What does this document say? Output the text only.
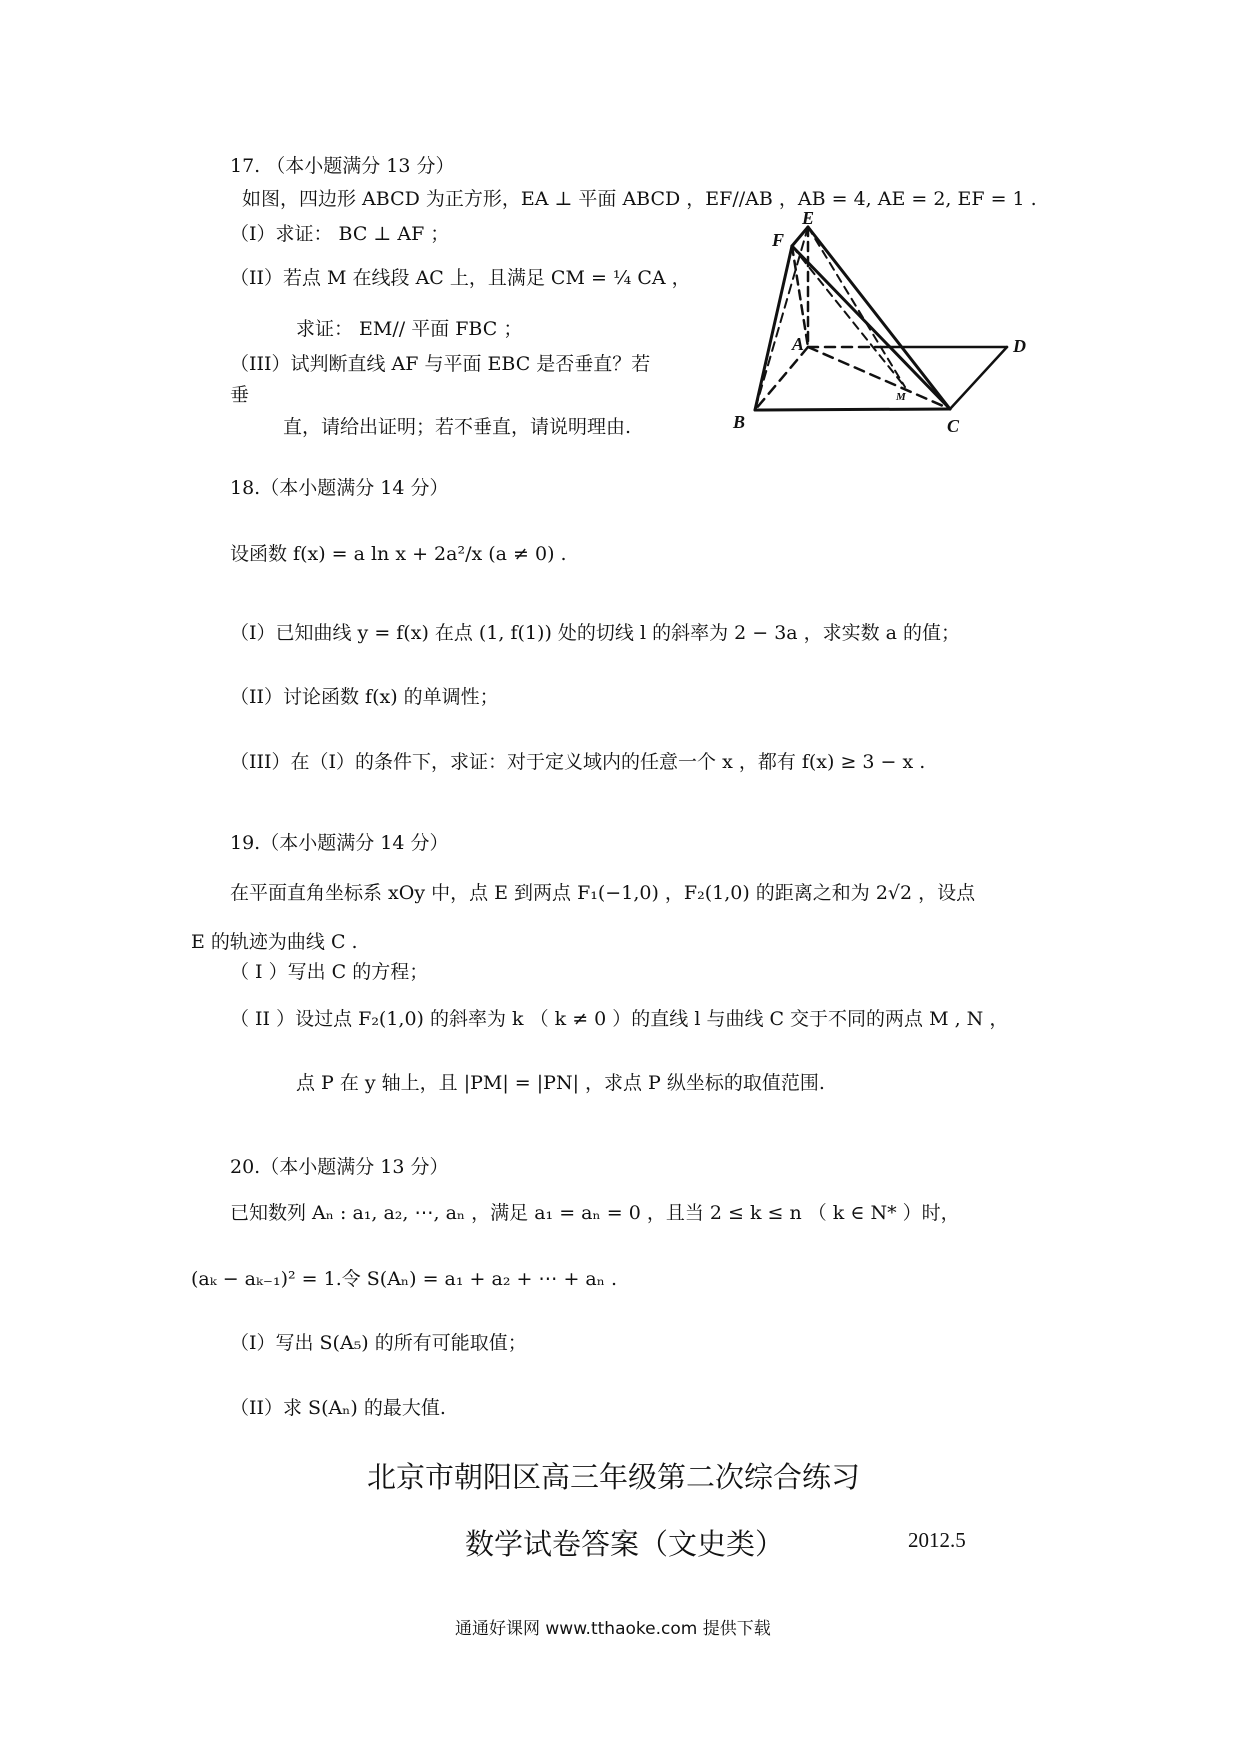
17. （本小题满分 13 分）
如图，四边形 ABCD 为正方形，EA ⊥ 平面 ABCD ，EF//AB ，AB = 4, AE = 2, EF = 1 .
（I）求证： BC ⊥ AF ；
（II）若点 M 在线段 AC 上，且满足 CM = ¼ CA ，
求证： EM// 平面 FBC ；
（III）试判断直线 AF 与平面 EBC 是否垂直？若
垂
直，请给出证明；若不垂直，请说明理由.
E
F
A	D
M
B	C
18.（本小题满分 14 分）
设函数 f(x) = a ln x + 2a²/x (a ≠ 0) .
（I）已知曲线 y = f(x) 在点 (1, f(1)) 处的切线 l 的斜率为 2 − 3a ，求实数 a 的值；
（II）讨论函数 f(x) 的单调性；
（III）在（I）的条件下，求证：对于定义域内的任意一个 x ，都有 f(x) ≥ 3 − x .
19.（本小题满分 14 分）
在平面直角坐标系 xOy 中，点 E 到两点 F₁(−1,0) ，F₂(1,0) 的距离之和为 2√2 ，设点
E 的轨迹为曲线 C .
（ I ）写出 C 的方程；
（ II ）设过点 F₂(1,0) 的斜率为 k （ k ≠ 0 ）的直线 l 与曲线 C 交于不同的两点 M , N ，
点 P 在 y 轴上，且 |PM| = |PN| ，求点 P 纵坐标的取值范围.
20.（本小题满分 13 分）
已知数列 Aₙ : a₁, a₂, ⋯, aₙ ，满足 a₁ = aₙ = 0 ，且当 2 ≤ k ≤ n （ k ∈ N* ）时，
(aₖ − aₖ₋₁)² = 1.令 S(Aₙ) = a₁ + a₂ + ⋯ + aₙ .
（I）写出 S(A₅) 的所有可能取值；
（II）求 S(Aₙ) 的最大值.
北京市朝阳区高三年级第二次综合练习
数学试卷答案（文史类）	2012.5
通通好课网 www.tthaoke.com 提供下载
